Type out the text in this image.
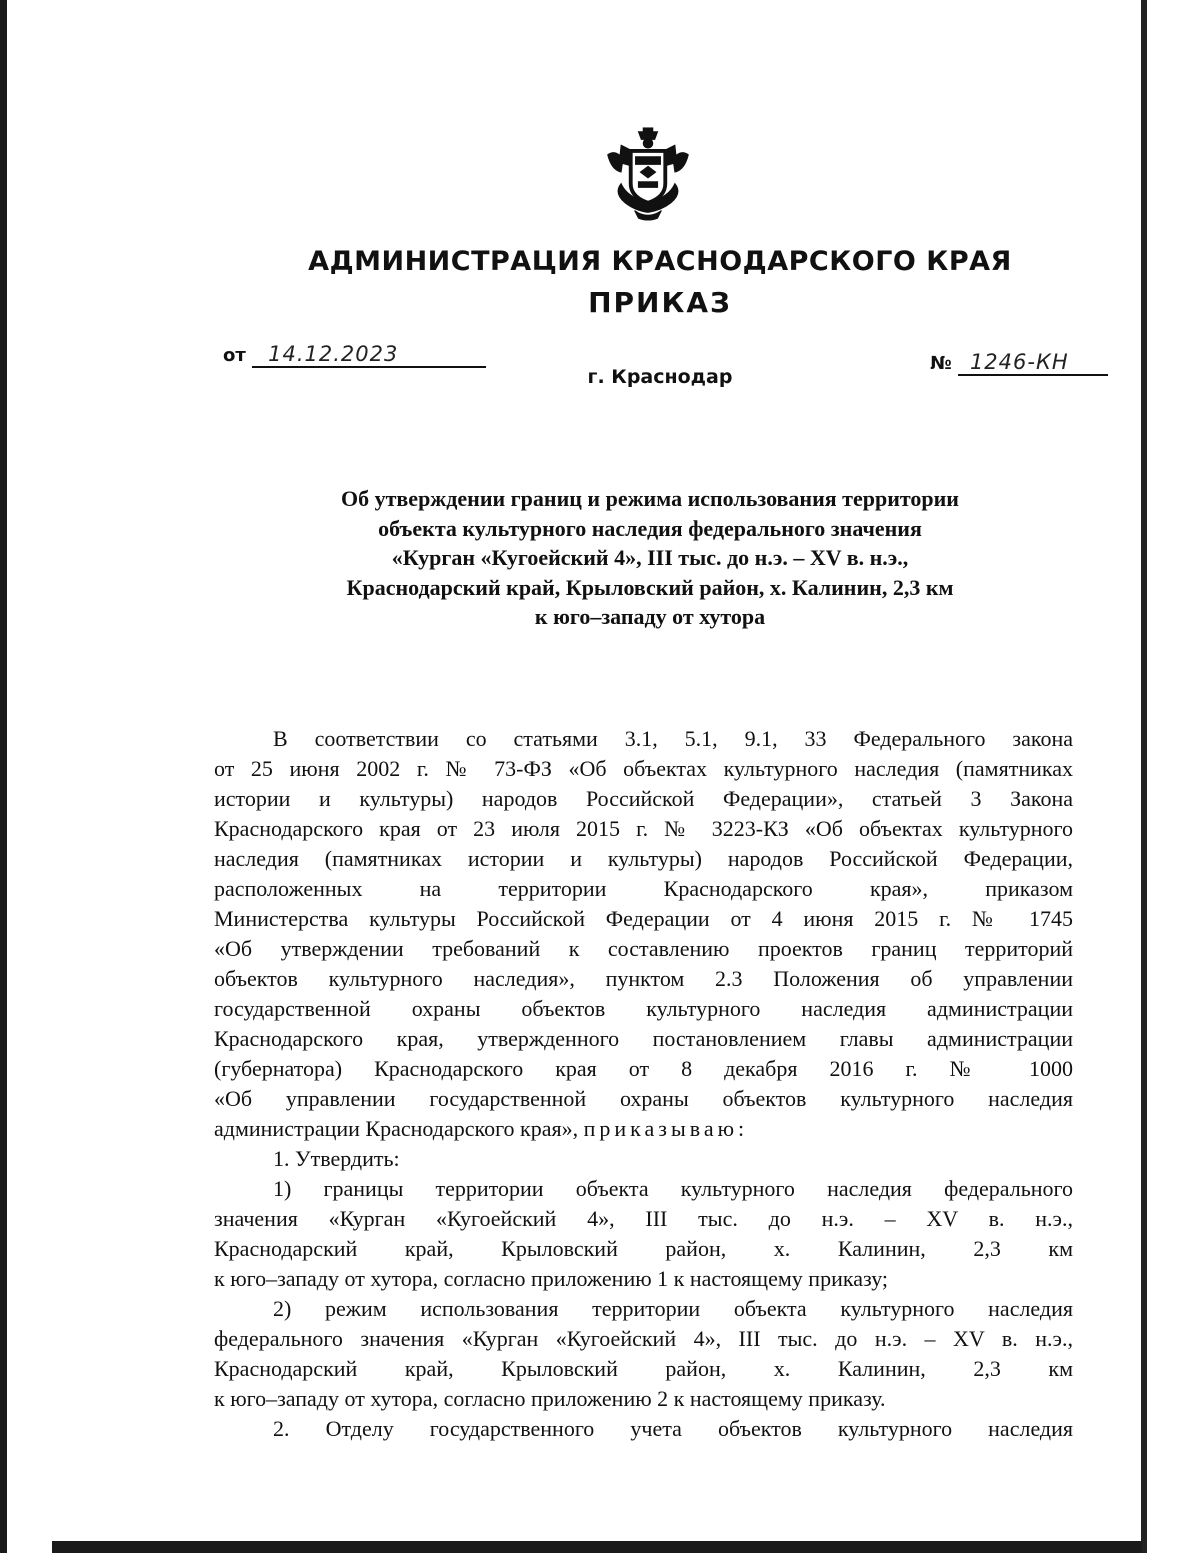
АДМИНИСТРАЦИЯ КРАСНОДАРСКОГО КРАЯ
ПРИКАЗ
от 14.12.2023	№ 1246-КН
г. Краснодар
Об утверждении границ и режима использования территории
объекта культурного наследия федерального значения
«Курган «Кугоейский 4», III тыс. до н.э. – XV в. н.э.,
Краснодарский край, Крыловский район, х. Калинин, 2,3 км
к юго–западу от хутора
В соответствии со статьями 3.1, 5.1, 9.1, 33 Федерального закона
от 25 июня 2002 г. № 73-ФЗ «Об объектах культурного наследия (памятниках
истории и культуры) народов Российской Федерации», статьей 3 Закона
Краснодарского края от 23 июля 2015 г. № 3223-КЗ «Об объектах культурного
наследия (памятниках истории и культуры) народов Российской Федерации,
расположенных на территории Краснодарского края», приказом
Министерства культуры Российской Федерации от 4 июня 2015 г. № 1745
«Об утверждении требований к составлению проектов границ территорий
объектов культурного наследия», пунктом 2.3 Положения об управлении
государственной охраны объектов культурного наследия администрации
Краснодарского края, утвержденного постановлением главы администрации
(губернатора) Краснодарского края от 8 декабря 2016 г. № 1000
«Об управлении государственной охраны объектов культурного наследия
администрации Краснодарского края», приказываю:
1. Утвердить:
1) границы территории объекта культурного наследия федерального
значения «Курган «Кугоейский 4», III тыс. до н.э. – XV в. н.э.,
Краснодарский край, Крыловский район, х. Калинин, 2,3 км
к юго–западу от хутора, согласно приложению 1 к настоящему приказу;
2) режим использования территории объекта культурного наследия
федерального значения «Курган «Кугоейский 4», III тыс. до н.э. – XV в. н.э.,
Краснодарский край, Крыловский район, х. Калинин, 2,3 км
к юго–западу от хутора, согласно приложению 2 к настоящему приказу.
2. Отделу государственного учета объектов культурного наследия
